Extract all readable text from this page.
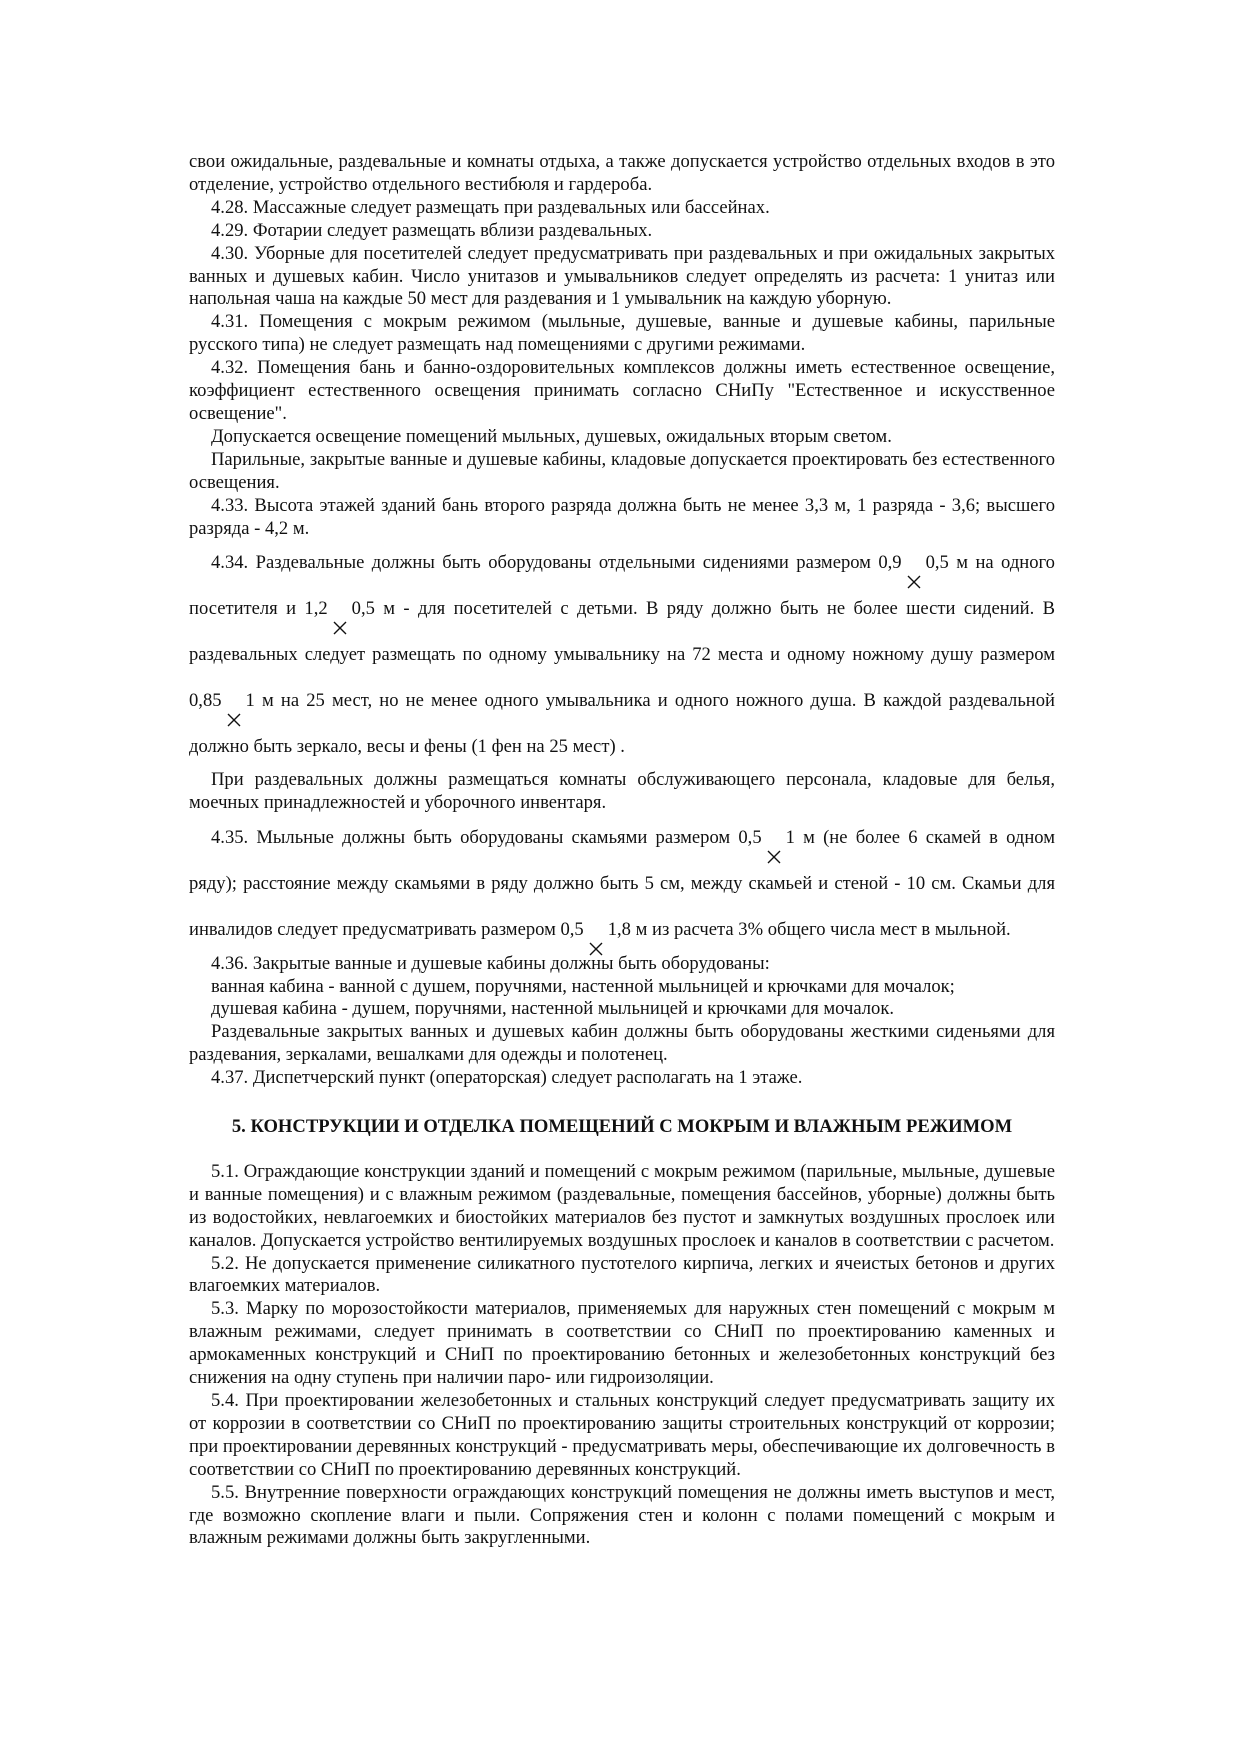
свои ожидальные, раздевальные и комнаты отдыха, а также допускается устройство отдельных входов в это отделение, устройство отдельного вестибюля и гардероба.

4.28. Массажные следует размещать при раздевальных или бассейнах.

4.29. Фотарии следует размещать вблизи раздевальных.

4.30. Уборные для посетителей следует предусматривать при раздевальных и при ожидальных закрытых ванных и душевых кабин. Число унитазов и умывальников следует определять из расчета: 1 унитаз или напольная чаша на каждые 50 мест для раздевания и 1 умывальник на каждую уборную.

4.31. Помещения с мокрым режимом (мыльные, душевые, ванные и душевые кабины, парильные русского типа) не следует размещать над помещениями с другими режимами.

4.32. Помещения бань и банно-оздоровительных комплексов должны иметь естественное освещение, коэффициент естественного освещения принимать согласно СНиПу "Естественное и искусственное освещение".

Допускается освещение помещений мыльных, душевых, ожидальных вторым светом.

Парильные, закрытые ванные и душевые кабины, кладовые допускается проектировать без естественного освещения.

4.33. Высота этажей зданий бань второго разряда должна быть не менее 3,3 м, 1 разряда - 3,6; высшего разряда - 4,2 м.

4.34. Раздевальные должны быть оборудованы отдельными сидениями размером 0,9 0,5 м на одного посетителя и 1,2 0,5 м - для посетителей с детьми. В ряду должно быть не более шести сидений. В раздевальных следует размещать по одному умывальнику на 72 места и одному ножному душу размером 0,85 1 м на 25 мест, но не менее одного умывальника и одного ножного душа. В каждой раздевальной должно быть зеркало, весы и фены (1 фен на 25 мест) .

При раздевальных должны размещаться комнаты обслуживающего персонала, кладовые для белья, моечных принадлежностей и уборочного инвентаря.

4.35. Мыльные должны быть оборудованы скамьями размером 0,5 1 м (не более 6 скамей в одном ряду); расстояние между скамьями в ряду должно быть 5 см, между скамьей и стеной - 10 см. Скамьи для инвалидов следует предусматривать размером 0,5 1,8 м из расчета 3% общего числа мест в мыльной.

4.36. Закрытые ванные и душевые кабины должны быть оборудованы:

ванная кабина - ванной с душем, поручнями, настенной мыльницей и крючками для мочалок;

душевая кабина - душем, поручнями, настенной мыльницей и крючками для мочалок.

Раздевальные закрытых ванных и душевых кабин должны быть оборудованы жесткими сиденьями для раздевания, зеркалами, вешалками для одежды и полотенец.

4.37. Диспетчерский пункт (операторская) следует располагать на 1 этаже.

5. КОНСТРУКЦИИ И ОТДЕЛКА ПОМЕЩЕНИЙ С МОКРЫМ И ВЛАЖНЫМ РЕЖИМОМ

5.1. Ограждающие конструкции зданий и помещений с мокрым режимом (парильные, мыльные, душевые и ванные помещения) и с влажным режимом (раздевальные, помещения бассейнов, уборные) должны быть из водостойких, невлагоемких и биостойких материалов без пустот и замкнутых воздушных прослоек или каналов. Допускается устройство вентилируемых воздушных прослоек и каналов в соответствии с расчетом.

5.2. Не допускается применение силикатного пустотелого кирпича, легких и ячеистых бетонов и других влагоемких материалов.

5.3. Марку по морозостойкости материалов, применяемых для наружных стен помещений с мокрым м влажным режимами, следует принимать в соответствии со СНиП по проектированию каменных и армокаменных конструкций и СНиП по проектированию бетонных и железобетонных конструкций без снижения на одну ступень при наличии паро- или гидроизоляции.

5.4. При проектировании железобетонных и стальных конструкций следует предусматривать защиту их от коррозии в соответствии со СНиП по проектированию защиты строительных конструкций от коррозии; при проектировании деревянных конструкций - предусматривать меры, обеспечивающие их долговечность в соответствии со СНиП по проектированию деревянных конструкций.

5.5. Внутренние поверхности ограждающих конструкций помещения не должны иметь выступов и мест, где возможно скопление влаги и пыли. Сопряжения стен и колонн с полами помещений с мокрым и влажным режимами должны быть закругленными.
